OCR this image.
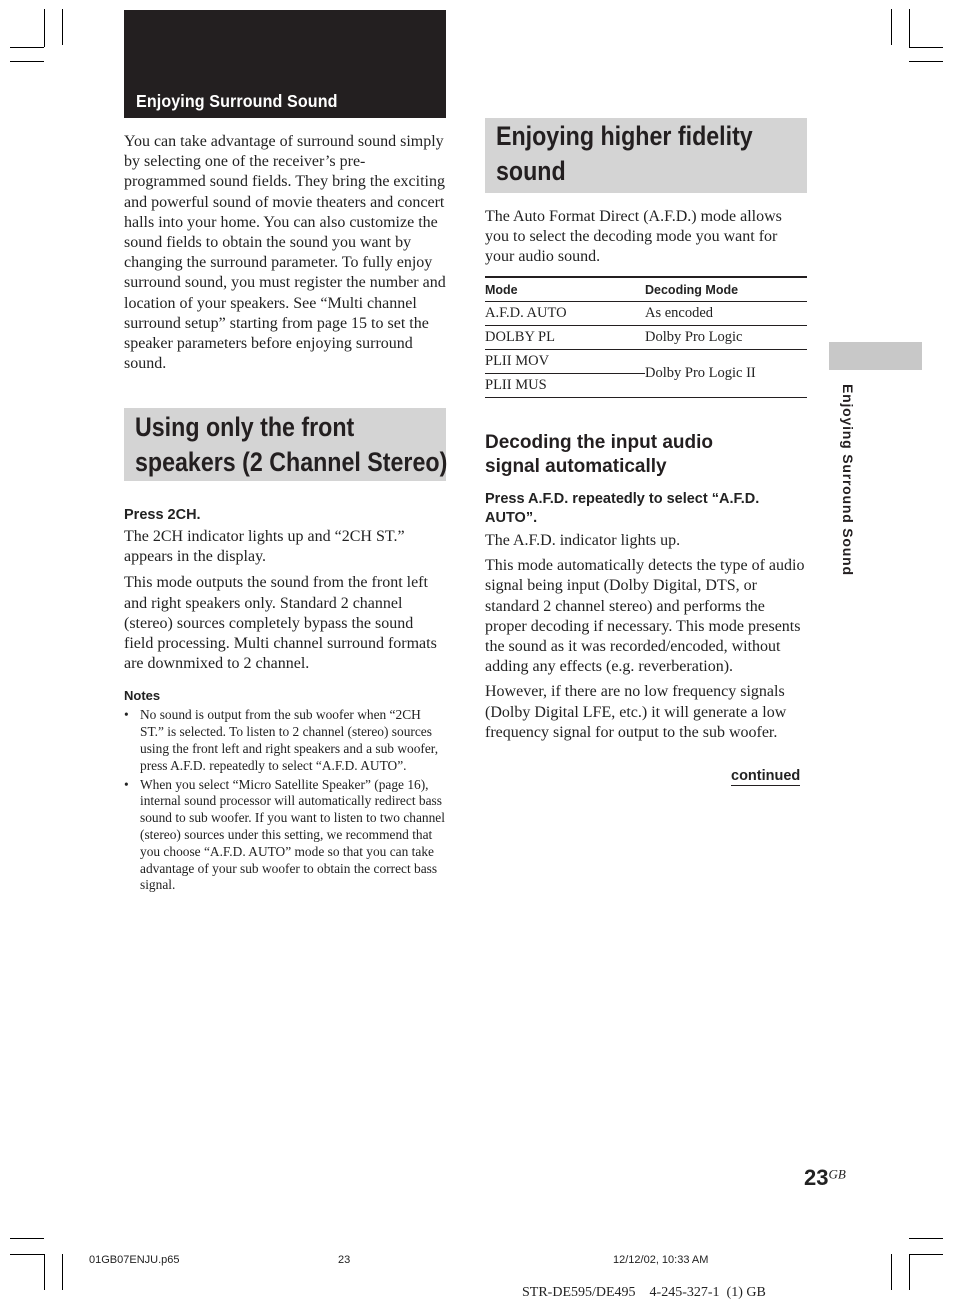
Enjoying Surround Sound

You can take advantage of surround sound simply by selecting one of the receiver’s pre-programmed sound fields. They bring the exciting and powerful sound of movie theaters and concert halls into your home. You can also customize the sound fields to obtain the sound you want by changing the surround parameter. To fully enjoy surround sound, you must register the number and location of your speakers. See “Multi channel surround setup” starting from page 15 to set the speaker parameters before enjoying surround sound.

Using only the front
speakers (2 Channel Stereo)

Press 2CH.

The 2CH indicator lights up and “2CH ST.” appears in the display.

This mode outputs the sound from the front left and right speakers only. Standard 2 channel (stereo) sources completely bypass the sound field processing. Multi channel surround formats are downmixed to 2 channel.

Notes
• No sound is output from the sub woofer when “2CH ST.” is selected. To listen to 2 channel (stereo) sources using the front left and right speakers and a sub woofer, press A.F.D. repeatedly to select “A.F.D. AUTO”.
• When you select “Micro Satellite Speaker” (page 16), internal sound processor will automatically redirect bass sound to sub woofer. If you want to listen to two channel (stereo) sources under this setting, we recommend that you choose “A.F.D. AUTO” mode so that you can take advantage of your sub woofer to obtain the correct bass signal.
Enjoying higher fidelity
sound

The Auto Format Direct (A.F.D.) mode allows you to select the decoding mode you want for your audio sound.

Mode	Decoding Mode
A.F.D. AUTO	As encoded
DOLBY PL	Dolby Pro Logic
PLII MOV	Dolby Pro Logic II
PLII MUS	
Decoding the input audio
signal automatically

Press A.F.D. repeatedly to select “A.F.D. AUTO”.

The A.F.D. indicator lights up.

This mode automatically detects the type of audio signal being input (Dolby Digital, DTS, or standard 2 channel stereo) and performs the proper decoding if necessary. This mode presents the sound as it was recorded/encoded, without adding any effects (e.g. reverberation).

However, if there are no low frequency signals (Dolby Digital LFE, etc.) it will generate a low frequency signal for output to the sub woofer.

continued
Enjoying Surround Sound
$23^{GB}$
01GB07ENJU.p65	23	12/12/02, 10:33 AM
STR-DE595/DE495    4-245-327-1  (1) GB
